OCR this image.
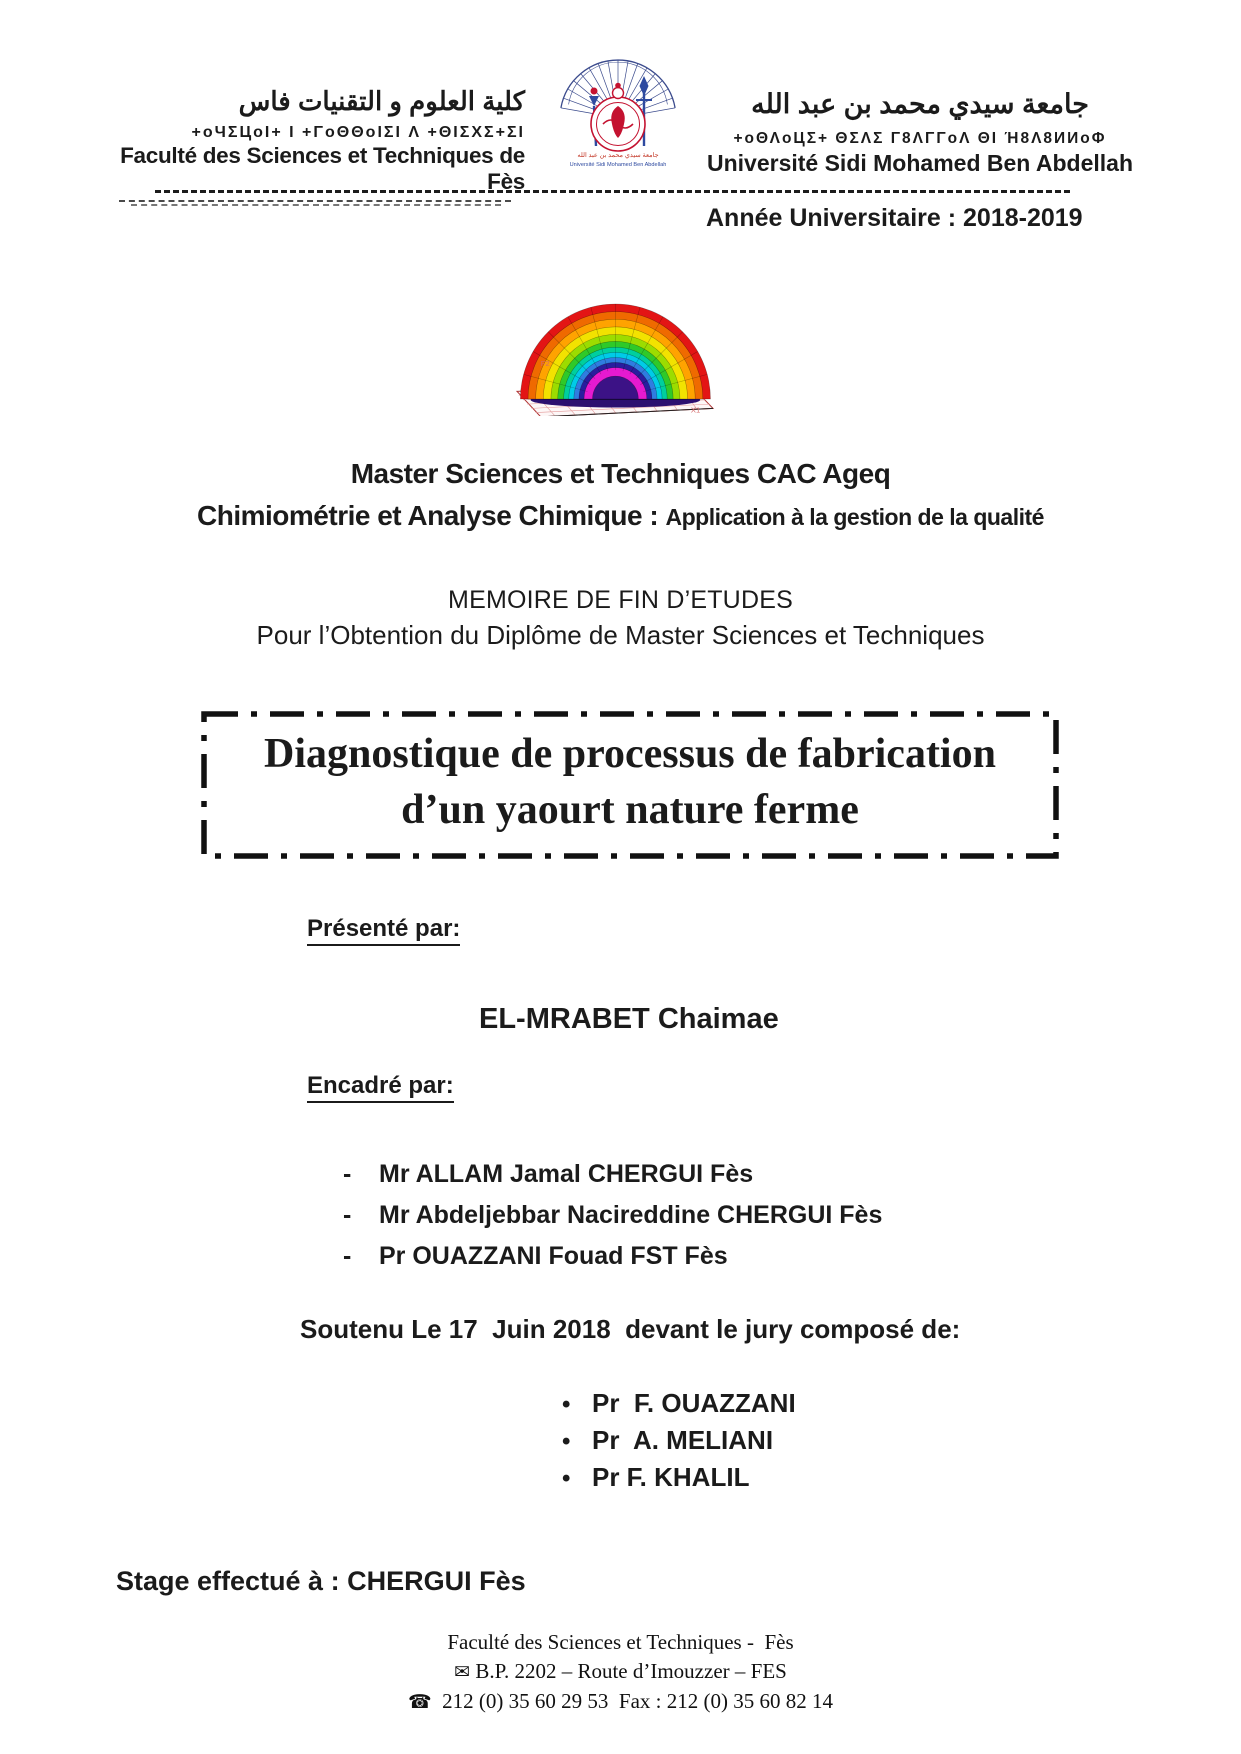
كلية العلوم و التقنيات فاس
+oЧΣЦoI+ I +ΓoΘΘoIΣI Λ +ΘIΣΧΣ+ΣI
Faculté des Sciences et Techniques de Fès
جامعة سيدي محمد بن عبد الله
Université Sidi Mohamed Ben Abdellah
جامعة سيدي محمد بن عبد الله
+oΘΛoЦΣ+ ΘΣΛΣ Γ8ΛΓΓoΛ ΘI Ή8Λ8ИИoΦ
Université Sidi Mohamed Ben Abdellah
Année Universitaire : 2018-2019
F2
X1
Master Sciences et Techniques CAC Ageq
Chimiométrie et Analyse Chimique : Application à la gestion de la qualité
MEMOIRE DE FIN D’ETUDES
Pour l’Obtention du Diplôme de Master Sciences et Techniques
Diagnostique de processus de fabrication
d’un yaourt nature ferme
Présenté par:
EL-MRABET Chaimae
Encadré par:
- Mr ALLAM Jamal CHERGUI Fès
- Mr Abdeljebbar Nacireddine CHERGUI Fès
- Pr OUAZZANI Fouad FST Fès
Soutenu Le 17  Juin 2018  devant le jury composé de:
• Pr  F. OUAZZANI
• Pr  A. MELIANI
• Pr F. KHALIL
Stage effectué à : CHERGUI Fès
Faculté des Sciences et Techniques -  Fès
✉ B.P. 2202 – Route d’Imouzzer – FES
☎  212 (0) 35 60 29 53  Fax : 212 (0) 35 60 82 14
